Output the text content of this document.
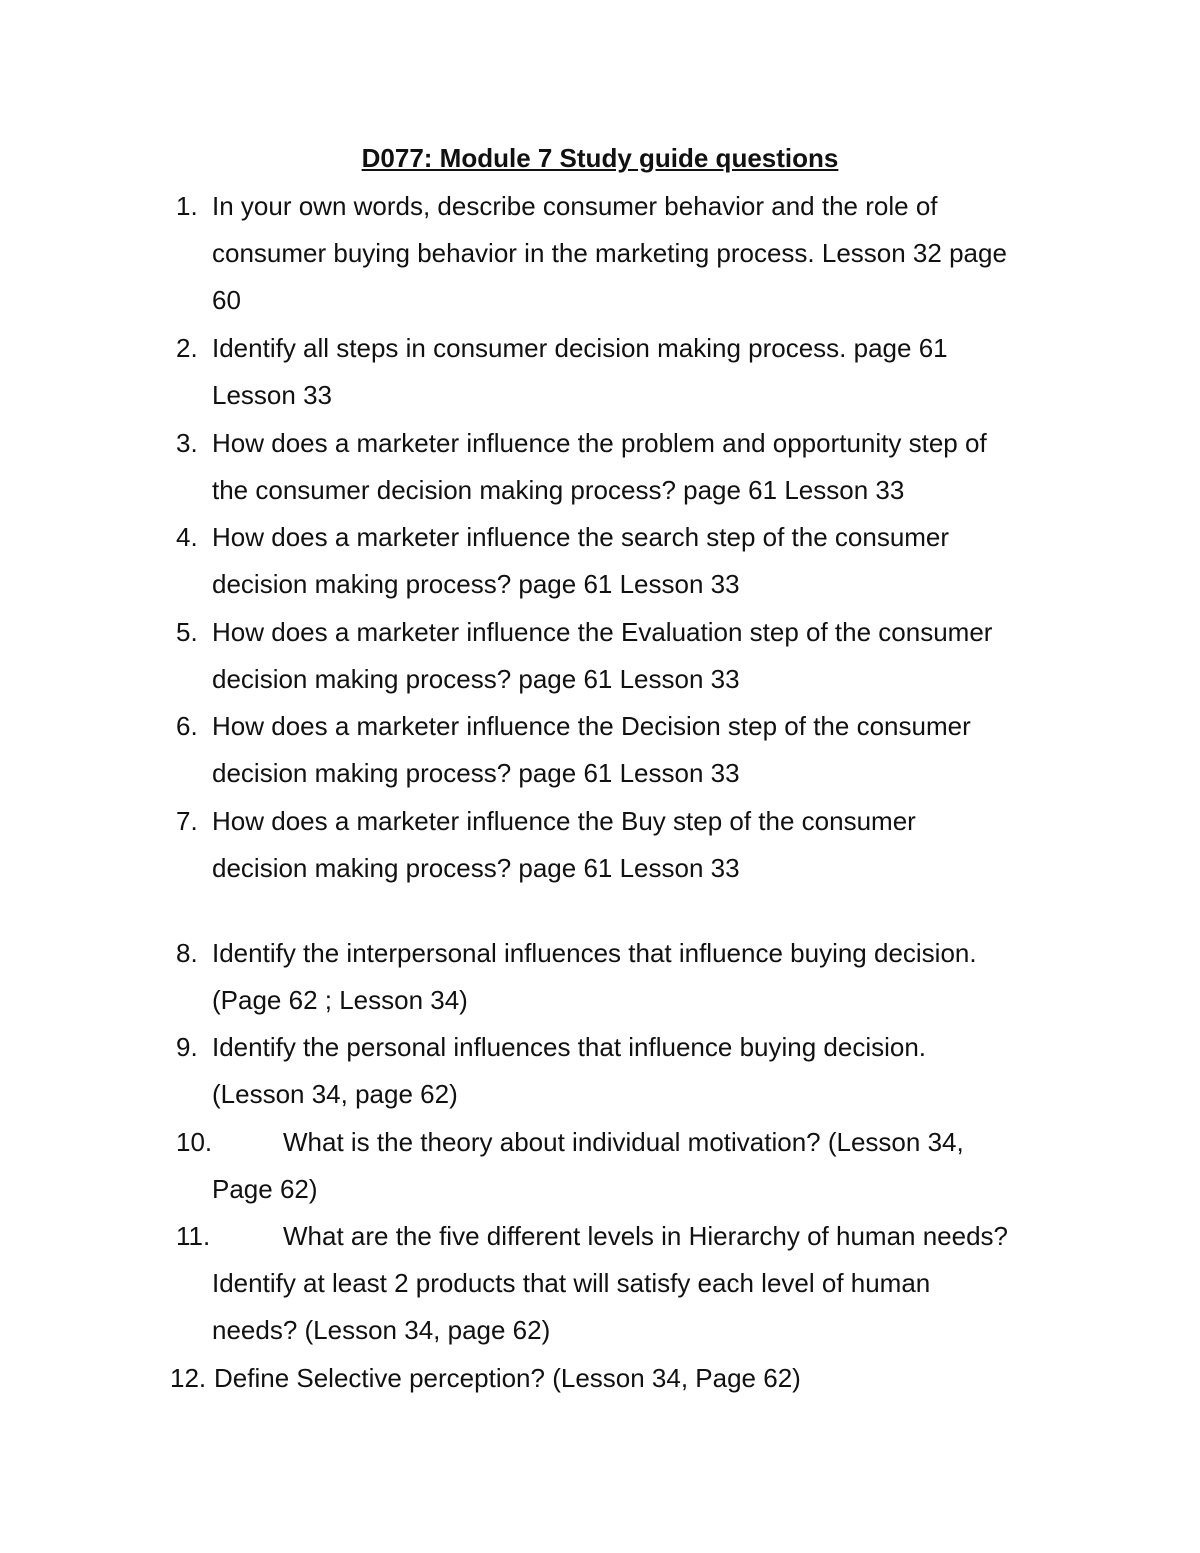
D077: Module 7 Study guide questions
1. In your own words, describe consumer behavior and the role of
consumer buying behavior in the marketing process. Lesson 32 page
60
2. Identify all steps in consumer decision making process. page 61
Lesson 33
3. How does a marketer influence the problem and opportunity step of
the consumer decision making process? page 61 Lesson 33
4. How does a marketer influence the search step of the consumer
decision making process? page 61 Lesson 33
5. How does a marketer influence the Evaluation step of the consumer
decision making process? page 61 Lesson 33
6. How does a marketer influence the Decision step of the consumer
decision making process? page 61 Lesson 33
7. How does a marketer influence the Buy step of the consumer
decision making process? page 61 Lesson 33
8. Identify the interpersonal influences that influence buying decision.
(Page 62 ; Lesson 34)
9. Identify the personal influences that influence buying decision.
(Lesson 34, page 62)
10.	What is the theory about individual motivation? (Lesson 34,
Page 62)
11.	What are the five different levels in Hierarchy of human needs?
Identify at least 2 products that will satisfy each level of human
needs? (Lesson 34, page 62)
12. Define Selective perception? (Lesson 34, Page 62)
